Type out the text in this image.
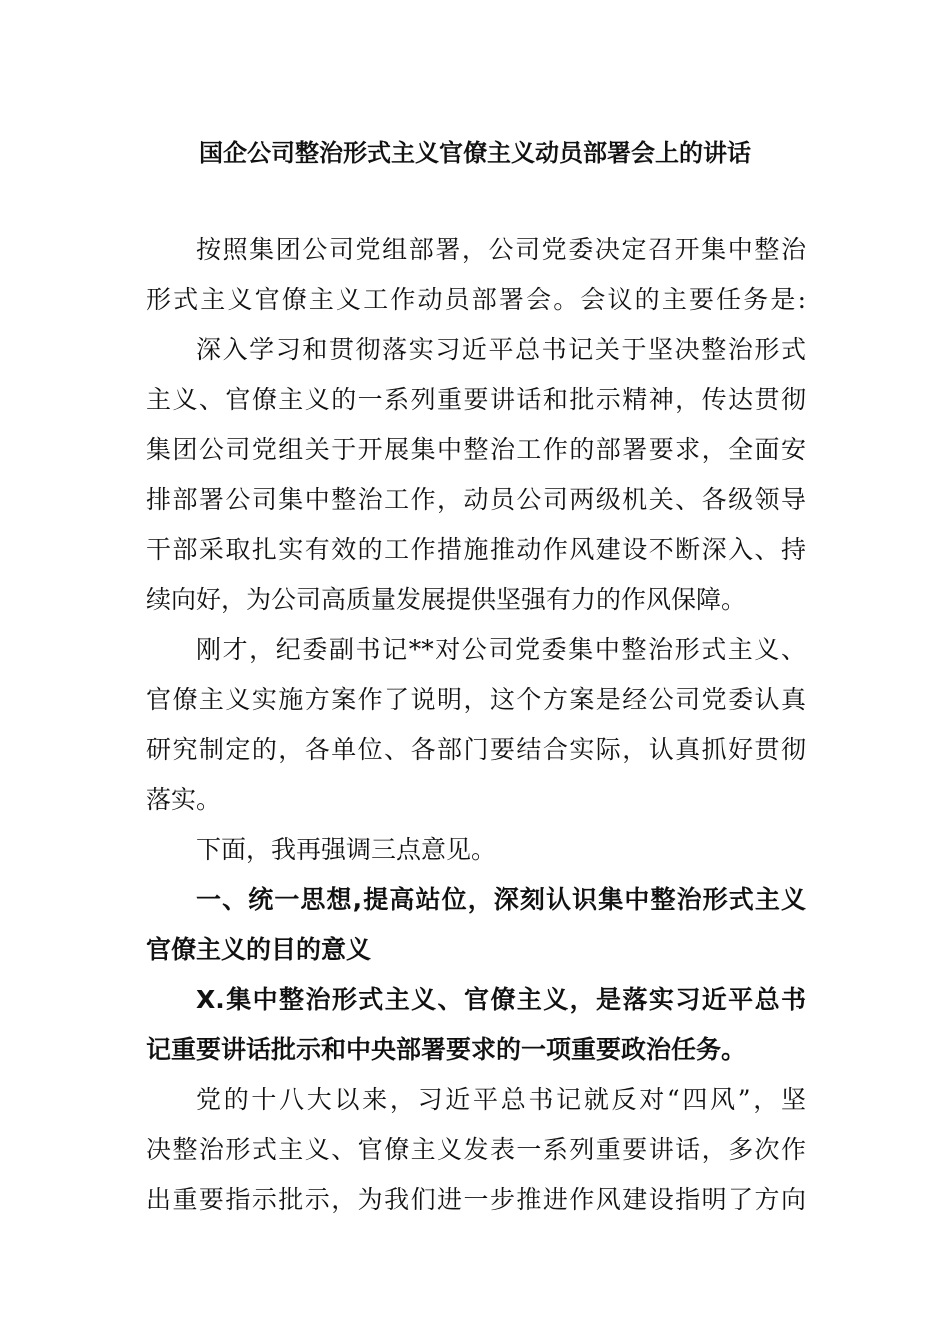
国企公司整治形式主义官僚主义动员部署会上的讲话
按照集团公司党组部署，公司党委决定召开集中整治
形式主义官僚主义工作动员部署会。会议的主要任务是:
深入学习和贯彻落实习近平总书记关于坚决整治形式
主义、官僚主义的一系列重要讲话和批示精神，传达贯彻
集团公司党组关于开展集中整治工作的部署要求，全面安
排部署公司集中整治工作，动员公司两级机关、各级领导
干部采取扎实有效的工作措施推动作风建设不断深入、持
续向好，为公司高质量发展提供坚强有力的作风保障。
刚才，纪委副书记**对公司党委集中整治形式主义、
官僚主义实施方案作了说明，这个方案是经公司党委认真
研究制定的，各单位、各部门要结合实际，认真抓好贯彻
落实。
下面，我再强调三点意见。
一、统一思想,提高站位，深刻认识集中整治形式主义
官僚主义的目的意义
X.集中整治形式主义、官僚主义，是落实习近平总书
记重要讲话批示和中央部署要求的一项重要政治任务。
党的十八大以来，习近平总书记就反对“四风”，坚
决整治形式主义、官僚主义发表一系列重要讲话，多次作
出重要指示批示，为我们进一步推进作风建设指明了方向
